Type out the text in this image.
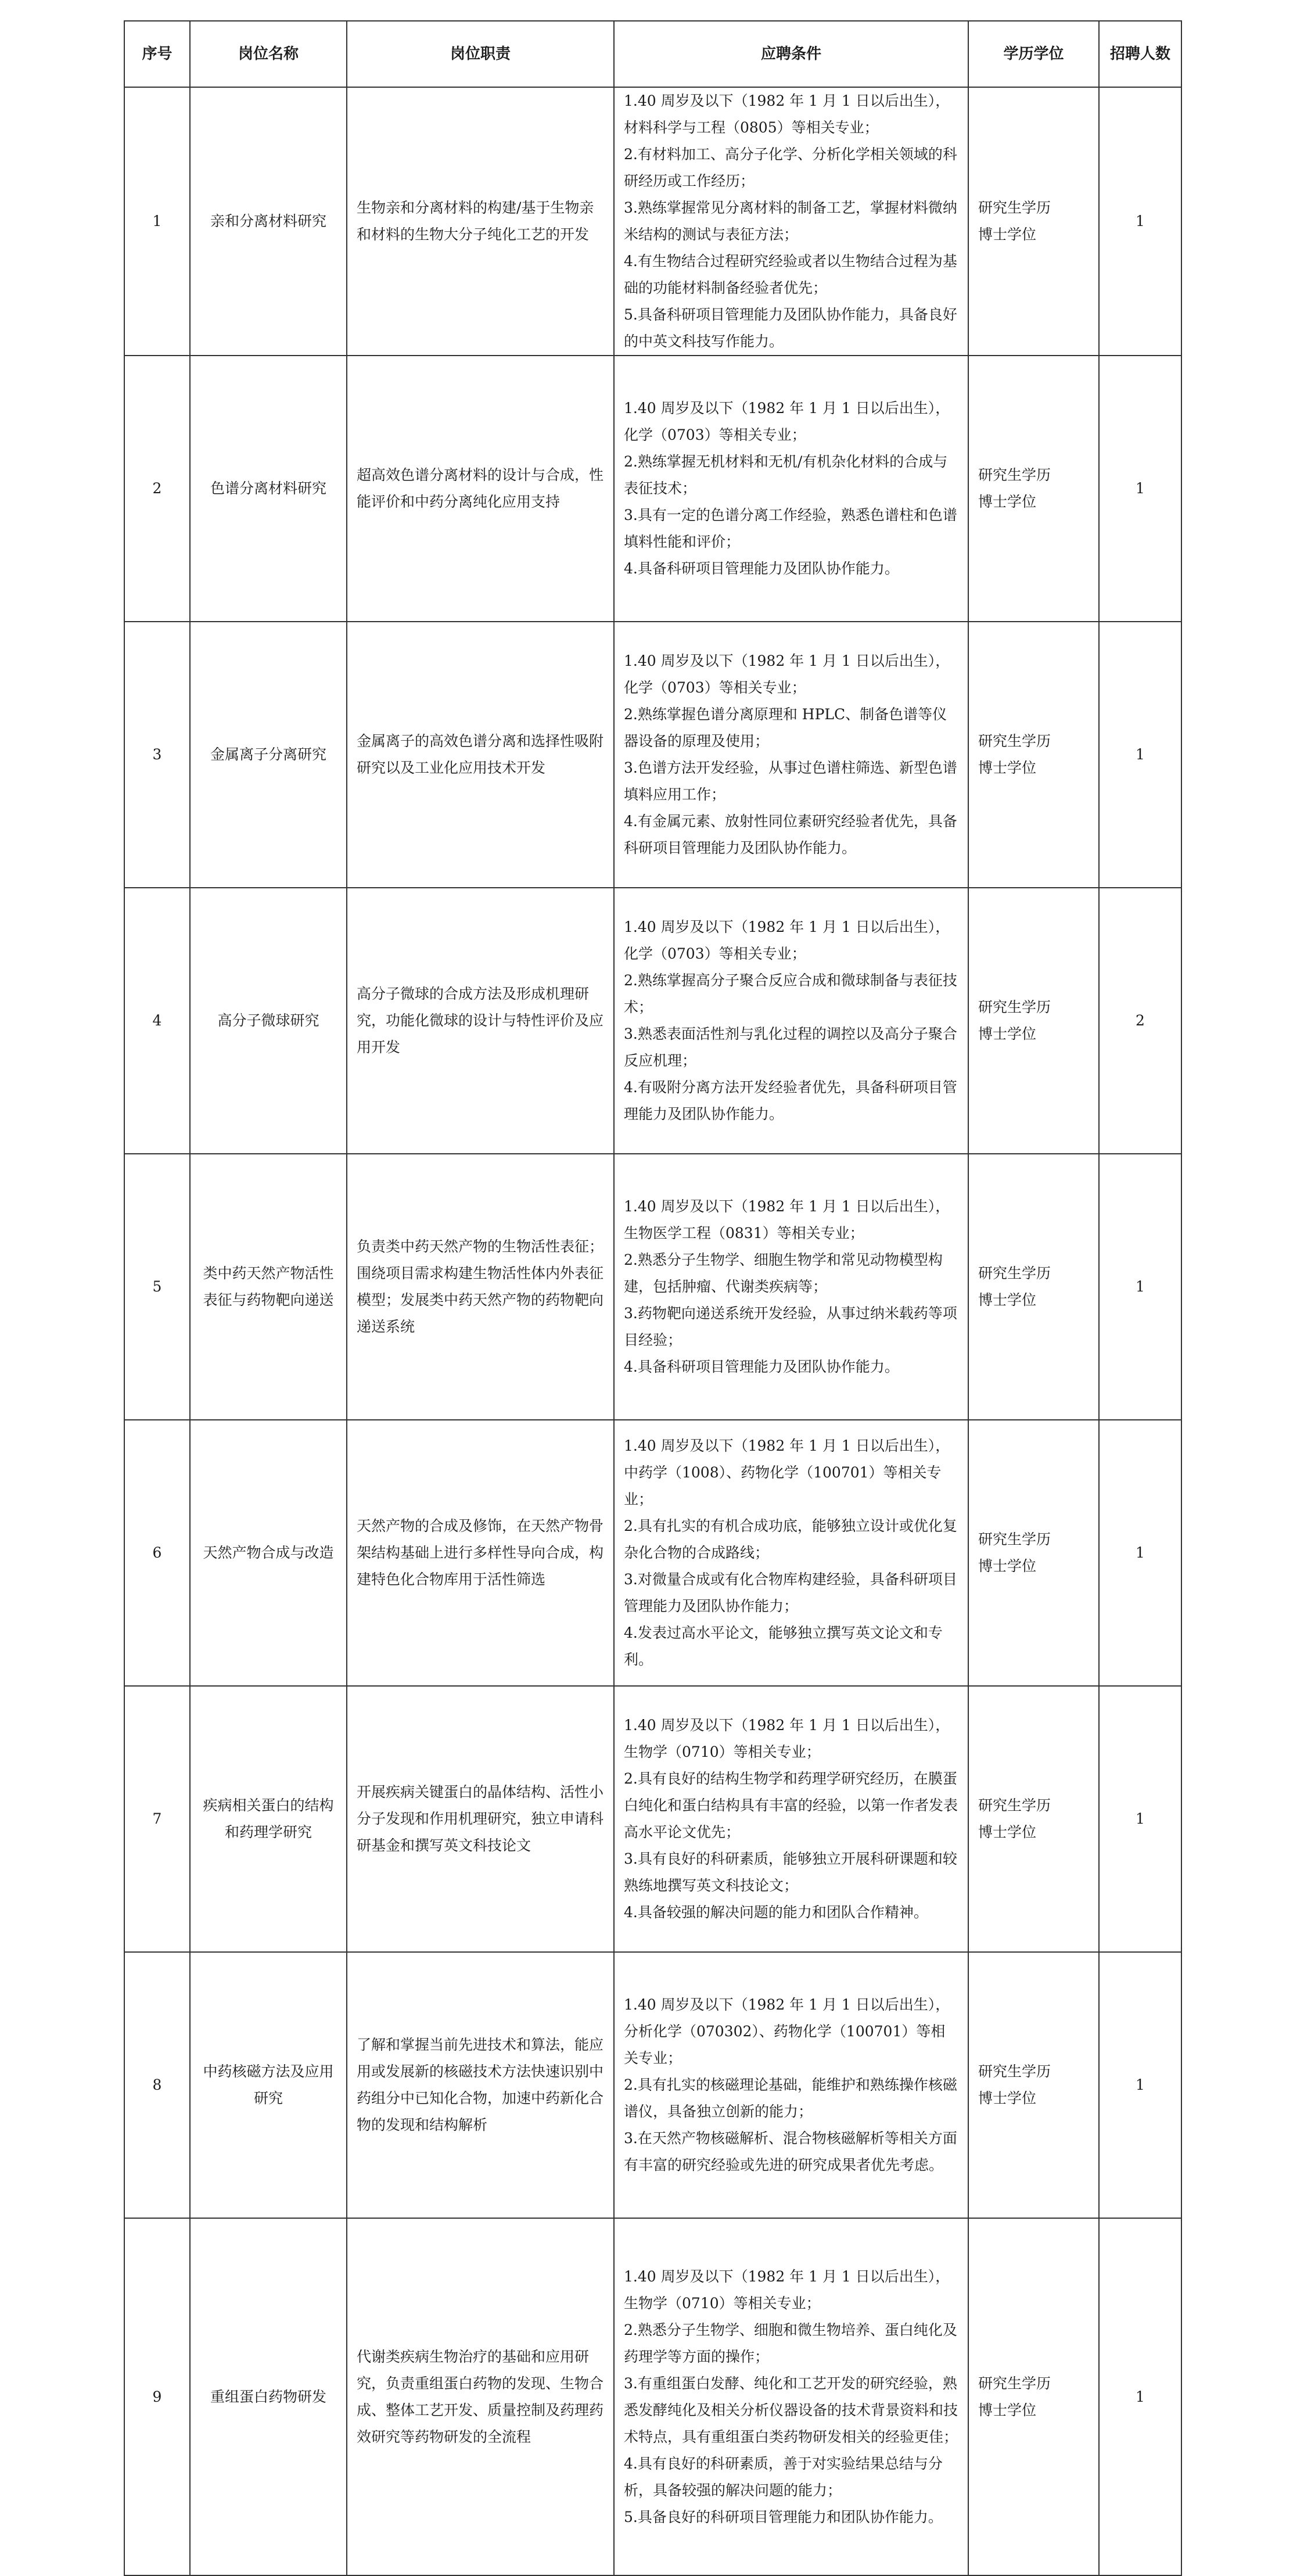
序号	岗位名称	岗位职责	应聘条件	学历学位	招聘人数
1	亲和分离材料研究	生物亲和分离材料的构建/基于生物亲和材料的生物大分子纯化工艺的开发	1.40 周岁及以下（1982 年 1 月 1 日以后出生），材料科学与工程（0805）等相关专业；
2.有材料加工、高分子化学、分析化学相关领域的科研经历或工作经历；
3.熟练掌握常见分离材料的制备工艺，掌握材料微纳米结构的测试与表征方法；
4.有生物结合过程研究经验或者以生物结合过程为基础的功能材料制备经验者优先；
5.具备科研项目管理能力及团队协作能力，具备良好的中英文科技写作能力。	研究生学历
博士学位	1
2	色谱分离材料研究	超高效色谱分离材料的设计与合成，性能评价和中药分离纯化应用支持	1.40 周岁及以下（1982 年 1 月 1 日以后出生），化学（0703）等相关专业；
2.熟练掌握无机材料和无机/有机杂化材料的合成与表征技术；
3.具有一定的色谱分离工作经验，熟悉色谱柱和色谱填料性能和评价；
4.具备科研项目管理能力及团队协作能力。	研究生学历
博士学位	1
3	金属离子分离研究	金属离子的高效色谱分离和选择性吸附研究以及工业化应用技术开发	1.40 周岁及以下（1982 年 1 月 1 日以后出生），化学（0703）等相关专业；
2.熟练掌握色谱分离原理和 HPLC、制备色谱等仪器设备的原理及使用；
3.色谱方法开发经验，从事过色谱柱筛选、新型色谱填料应用工作；
4.有金属元素、放射性同位素研究经验者优先，具备科研项目管理能力及团队协作能力。	研究生学历
博士学位	1
4	高分子微球研究	高分子微球的合成方法及形成机理研究，功能化微球的设计与特性评价及应用开发	1.40 周岁及以下（1982 年 1 月 1 日以后出生），化学（0703）等相关专业；
2.熟练掌握高分子聚合反应合成和微球制备与表征技术；
3.熟悉表面活性剂与乳化过程的调控以及高分子聚合反应机理；
4.有吸附分离方法开发经验者优先，具备科研项目管理能力及团队协作能力。	研究生学历
博士学位	2
5	类中药天然产物活性表征与药物靶向递送	负责类中药天然产物的生物活性表征；围绕项目需求构建生物活性体内外表征模型；发展类中药天然产物的药物靶向递送系统	1.40 周岁及以下（1982 年 1 月 1 日以后出生），生物医学工程（0831）等相关专业；
2.熟悉分子生物学、细胞生物学和常见动物模型构建，包括肿瘤、代谢类疾病等；
3.药物靶向递送系统开发经验，从事过纳米载药等项目经验；
4.具备科研项目管理能力及团队协作能力。	研究生学历
博士学位	1
6	天然产物合成与改造	天然产物的合成及修饰，在天然产物骨架结构基础上进行多样性导向合成，构建特色化合物库用于活性筛选	1.40 周岁及以下（1982 年 1 月 1 日以后出生），中药学（1008）、药物化学（100701）等相关专业；
2.具有扎实的有机合成功底，能够独立设计或优化复杂化合物的合成路线；
3.对微量合成或有化合物库构建经验，具备科研项目管理能力及团队协作能力；
4.发表过高水平论文，能够独立撰写英文论文和专利。	研究生学历
博士学位	1
7	疾病相关蛋白的结构和药理学研究	开展疾病关键蛋白的晶体结构、活性小分子发现和作用机理研究，独立申请科研基金和撰写英文科技论文	1.40 周岁及以下（1982 年 1 月 1 日以后出生），生物学（0710）等相关专业；
2.具有良好的结构生物学和药理学研究经历，在膜蛋白纯化和蛋白结构具有丰富的经验，以第一作者发表高水平论文优先；
3.具有良好的科研素质，能够独立开展科研课题和较熟练地撰写英文科技论文；
4.具备较强的解决问题的能力和团队合作精神。	研究生学历
博士学位	1
8	中药核磁方法及应用研究	了解和掌握当前先进技术和算法，能应用或发展新的核磁技术方法快速识别中药组分中已知化合物，加速中药新化合物的发现和结构解析	1.40 周岁及以下（1982 年 1 月 1 日以后出生），分析化学（070302）、药物化学（100701）等相关专业；
2.具有扎实的核磁理论基础，能维护和熟练操作核磁谱仪，具备独立创新的能力；
3.在天然产物核磁解析、混合物核磁解析等相关方面有丰富的研究经验或先进的研究成果者优先考虑。	研究生学历
博士学位	1
9	重组蛋白药物研发	代谢类疾病生物治疗的基础和应用研究，负责重组蛋白药物的发现、生物合成、整体工艺开发、质量控制及药理药效研究等药物研发的全流程	1.40 周岁及以下（1982 年 1 月 1 日以后出生），生物学（0710）等相关专业；
2.熟悉分子生物学、细胞和微生物培养、蛋白纯化及药理学等方面的操作；
3.有重组蛋白发酵、纯化和工艺开发的研究经验，熟悉发酵纯化及相关分析仪器设备的技术背景资料和技术特点，具有重组蛋白类药物研发相关的经验更佳；
4.具有良好的科研素质，善于对实验结果总结与分析，具备较强的解决问题的能力；
5.具备良好的科研项目管理能力和团队协作能力。	研究生学历
博士学位	1
